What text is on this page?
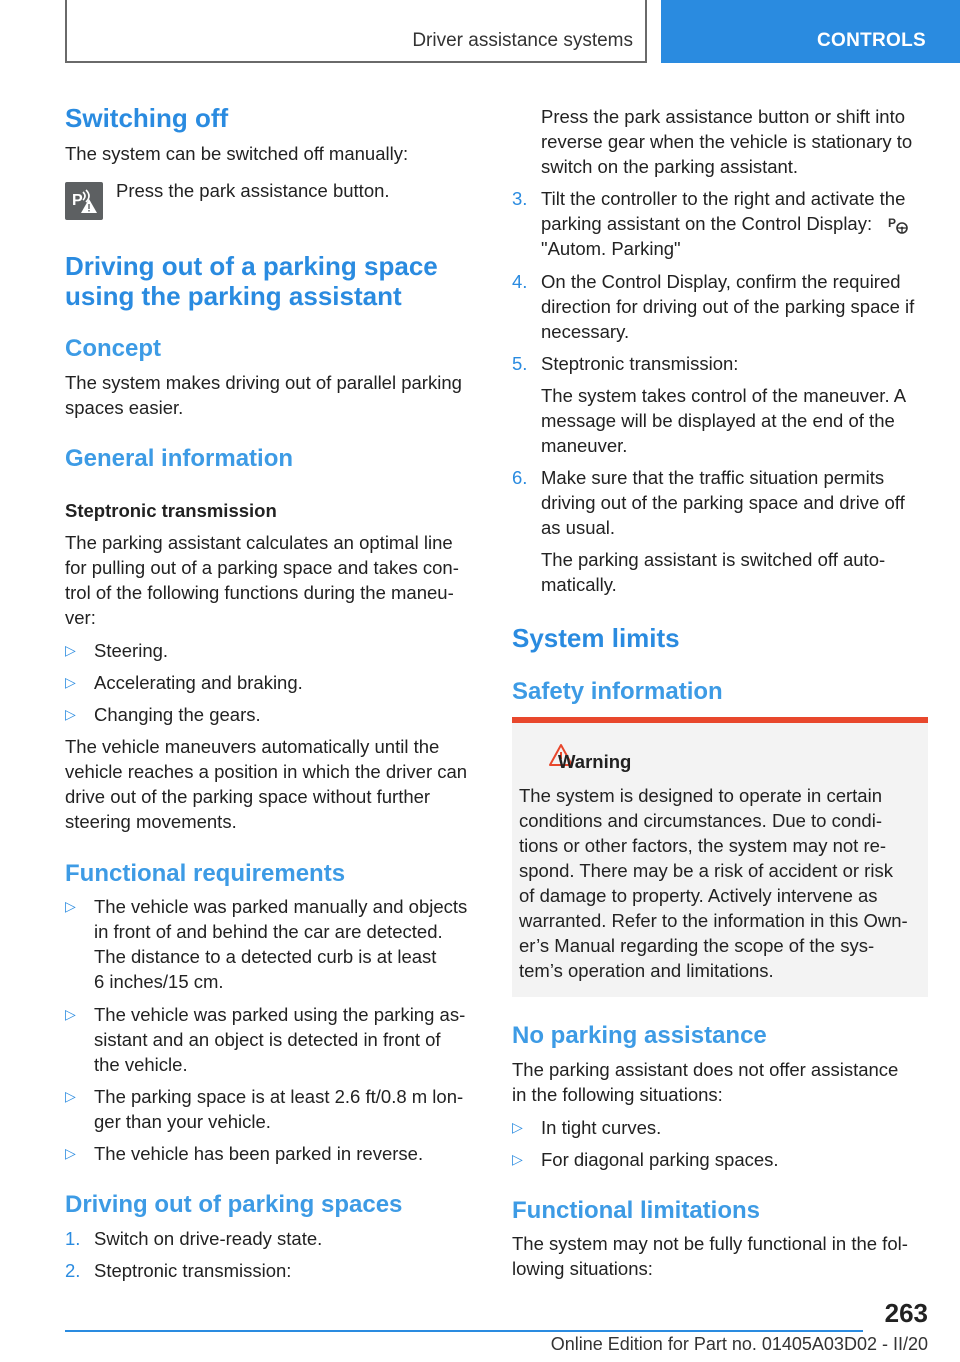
Driver assistance systems	CONTROLS
Switching off

The system can be switched off manually:

P Press the park assistance button.

Driving out of a parking space
using the parking assistant
Concept

The system makes driving out of parallel parking

spaces easier.

General information
Steptronic transmission

The parking assistant calculates an optimal line

for pulling out of a parking space and takes con-

trol of the following functions during the maneu-

ver:

▷ Steering.
▷ Accelerating and braking.
▷ Changing the gears.

The vehicle maneuvers automatically until the

vehicle reaches a position in which the driver can

drive out of the parking space without further

steering movements.

Functional requirements
▷ The vehicle was parked manually and objects
in front of and behind the car are detected.
The distance to a detected curb is at least
6 inches/15 cm.
▷ The vehicle was parked using the parking as-
sistant and an object is detected in front of
the vehicle.
▷ The parking space is at least 2.6 ft/0.8 m lon-
ger than your vehicle.
▷ The vehicle has been parked in reverse.
Driving out of parking spaces
1. Switch on drive-ready state.
2. Steptronic transmission:

Press the park assistance button or shift into

reverse gear when the vehicle is stationary to

switch on the parking assistant.

3. Tilt the controller to the right and activate the
parking assistant on the Control Display: P
"Autom. Parking"
4. On the Control Display, confirm the required
direction for driving out of the parking space if
necessary.
5. Steptronic transmission:
The system takes control of the maneuver. A
message will be displayed at the end of the
maneuver.
6. Make sure that the traffic situation permits
driving out of the parking space and drive off
as usual.
The parking assistant is switched off auto-
matically.
System limits
Safety information
Warning

The system is designed to operate in certain

conditions and circumstances. Due to condi-

tions or other factors, the system may not re-

spond. There may be a risk of accident or risk

of damage to property. Actively intervene as

warranted. Refer to the information in this Own-

er’s Manual regarding the scope of the sys-

tem’s operation and limitations.

No parking assistance

The parking assistant does not offer assistance

in the following situations:

▷ In tight curves.
▷ For diagonal parking spaces.
Functional limitations

The system may not be fully functional in the fol-

lowing situations:

263
Online Edition for Part no. 01405A03D02 - II/20
